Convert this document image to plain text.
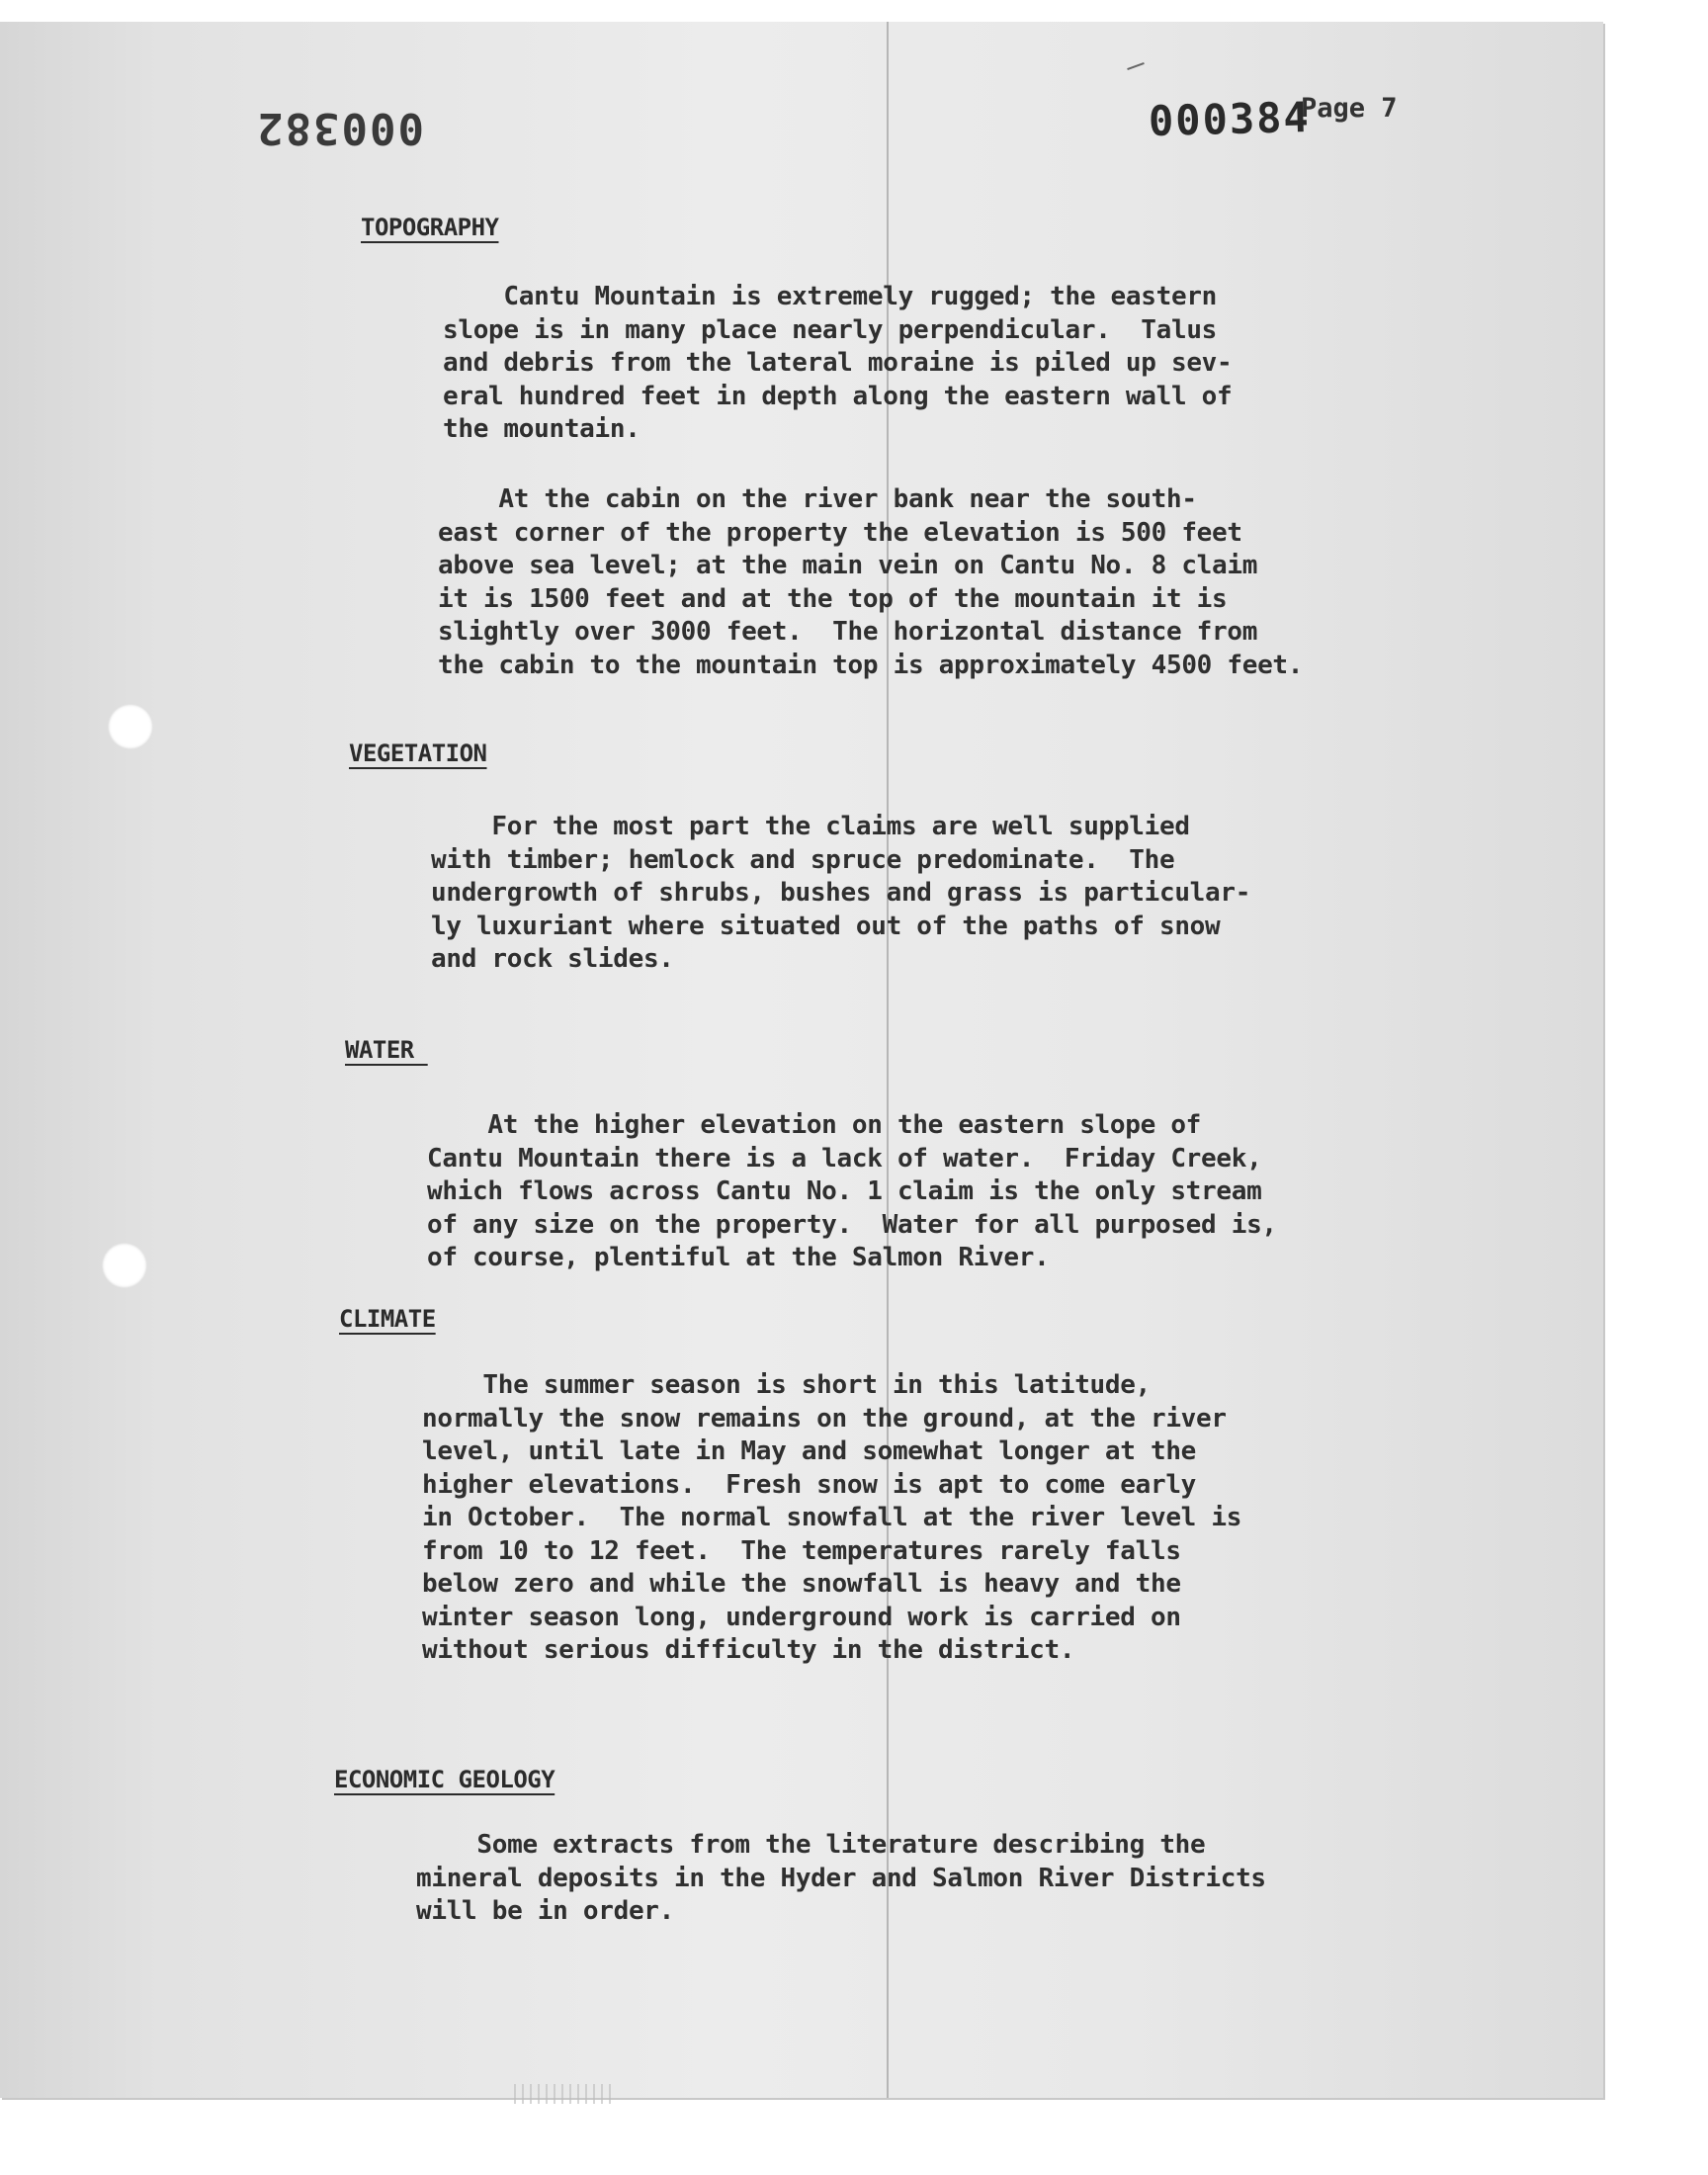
000382	000384
Page 7
TOPOGRAPHY

Cantu Mountain is extremely rugged; the eastern
slope is in many place nearly perpendicular.  Talus
and debris from the lateral moraine is piled up sev-
eral hundred feet in depth along the eastern wall of
the mountain.

At the cabin on the river bank near the south-
east corner of the property the elevation is 500 feet
above sea level; at the main vein on Cantu No. 8 claim
it is 1500 feet and at the top of the mountain it is
slightly over 3000 feet.  The horizontal distance from
the cabin to the mountain top is approximately 4500 feet.

VEGETATION

For the most part the claims are well supplied
with timber; hemlock and spruce predominate.  The
undergrowth of shrubs, bushes and grass is particular-
ly luxuriant where situated out of the paths of snow
and rock slides.

WATER

At the higher elevation on the eastern slope of
Cantu Mountain there is a lack of water.  Friday Creek,
which flows across Cantu No. 1 claim is the only stream
of any size on the property.  Water for all purposed is,
of course, plentiful at the Salmon River.

CLIMATE

The summer season is short in this latitude,
normally the snow remains on the ground, at the river
level, until late in May and somewhat longer at the
higher elevations.  Fresh snow is apt to come early
in October.  The normal snowfall at the river level is
from 10 to 12 feet.  The temperatures rarely falls
below zero and while the snowfall is heavy and the
winter season long, underground work is carried on
without serious difficulty in the district.

ECONOMIC GEOLOGY

Some extracts from the literature describing the
mineral deposits in the Hyder and Salmon River Districts
will be in order.
